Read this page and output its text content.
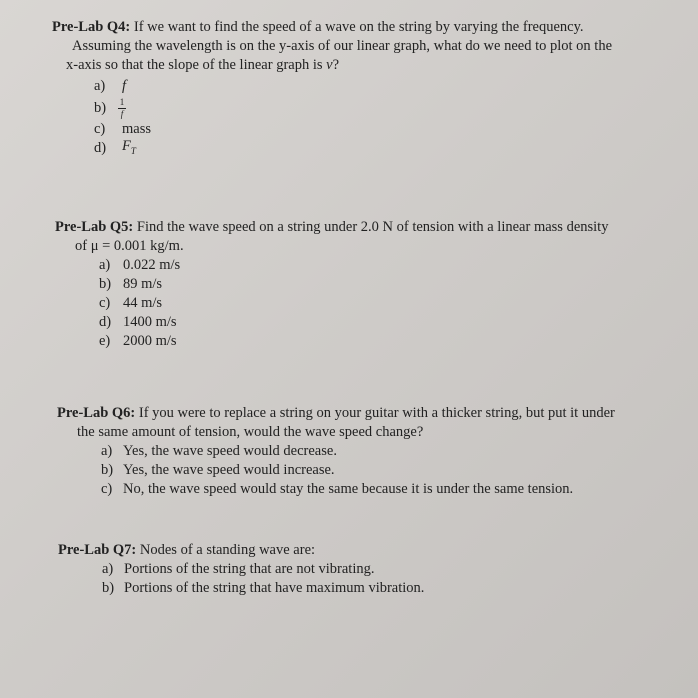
Pre-Lab Q4: If we want to find the speed of a wave on the string by varying the frequency.

Assuming the wavelength is on the y-axis of our linear graph, what do we need to plot on the

x-axis so that the slope of the linear graph is v?

a)	f
b)	$\frac{1}{f}$
c)	mass
d)	$F_T$

Pre-Lab Q5: Find the wave speed on a string under 2.0 N of tension with a linear mass density

of μ = 0.001 kg/m.

a) 0.022 m/s
b) 89 m/s
c) 44 m/s
d) 1400 m/s
e) 2000 m/s

Pre-Lab Q6: If you were to replace a string on your guitar with a thicker string, but put it under

the same amount of tension, would the wave speed change?

a) Yes, the wave speed would decrease.
b) Yes, the wave speed would increase.
c) No, the wave speed would stay the same because it is under the same tension.

Pre-Lab Q7: Nodes of a standing wave are:

a) Portions of the string that are not vibrating.
b) Portions of the string that have maximum vibration.
